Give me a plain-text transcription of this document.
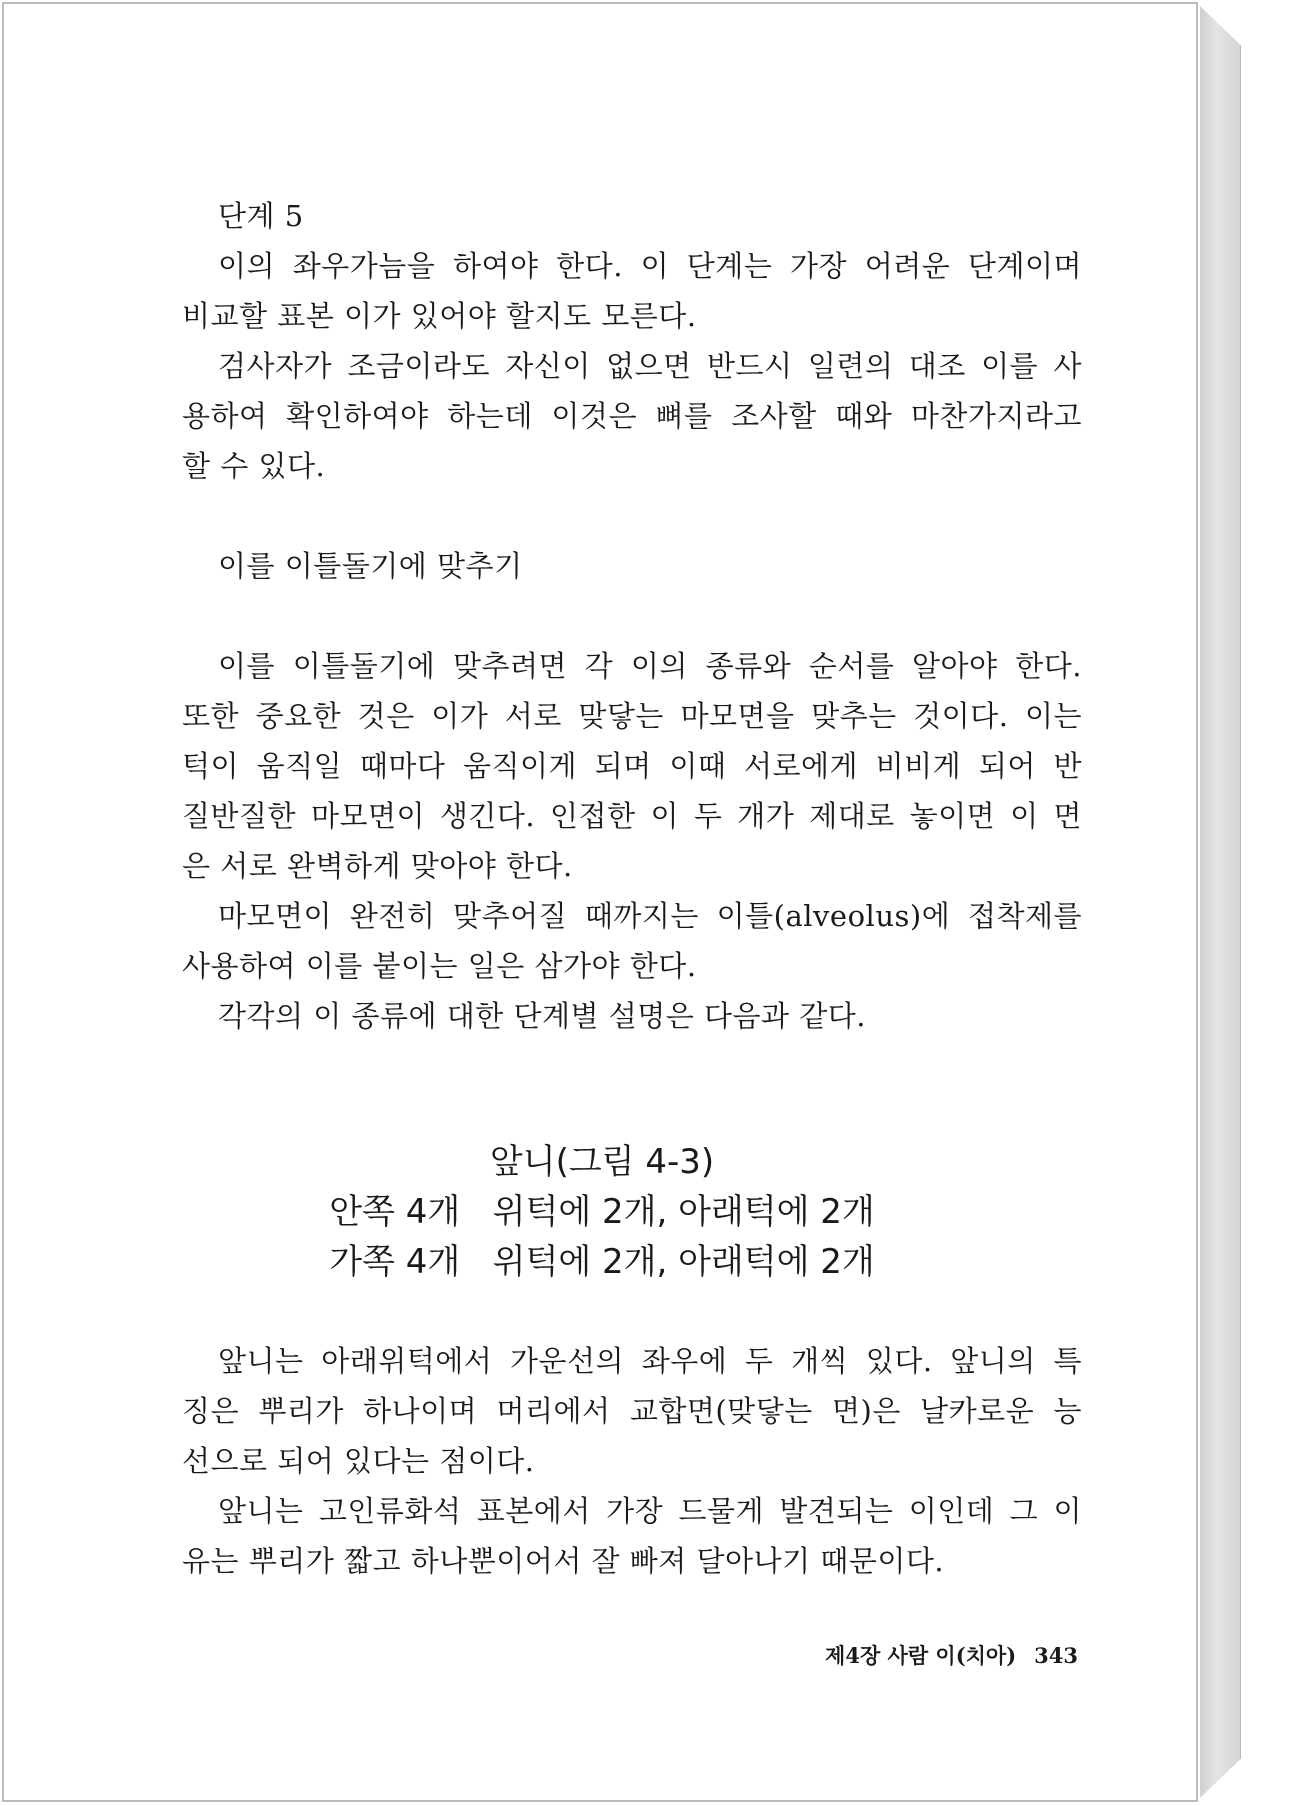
단계 5
이의 좌우가늠을 하여야 한다. 이 단계는 가장 어려운 단계이며
비교할 표본 이가 있어야 할지도 모른다.
검사자가 조금이라도 자신이 없으면 반드시 일련의 대조 이를 사
용하여 확인하여야 하는데 이것은 뼈를 조사할 때와 마찬가지라고
할 수 있다.
이를 이틀돌기에 맞추기
이를 이틀돌기에 맞추려면 각 이의 종류와 순서를 알아야 한다.
또한 중요한 것은 이가 서로 맞닿는 마모면을 맞추는 것이다. 이는
턱이 움직일 때마다 움직이게 되며 이때 서로에게 비비게 되어 반
질반질한 마모면이 생긴다. 인접한 이 두 개가 제대로 놓이면 이 면
은 서로 완벽하게 맞아야 한다.
마모면이 완전히 맞추어질 때까지는 이틀(alveolus)에 접착제를
사용하여 이를 붙이는 일은 삼가야 한다.
각각의 이 종류에 대한 단계별 설명은 다음과 같다.
앞니(그림 4-3)
안쪽 4개   위턱에 2개, 아래턱에 2개
가쪽 4개   위턱에 2개, 아래턱에 2개
앞니는 아래위턱에서 가운선의 좌우에 두 개씩 있다. 앞니의 특
징은 뿌리가 하나이며 머리에서 교합면(맞닿는 면)은 날카로운 능
선으로 되어 있다는 점이다.
앞니는 고인류화석 표본에서 가장 드물게 발견되는 이인데 그 이
유는 뿌리가 짧고 하나뿐이어서 잘 빠져 달아나기 때문이다.
제4장 사람 이(치아) 343
